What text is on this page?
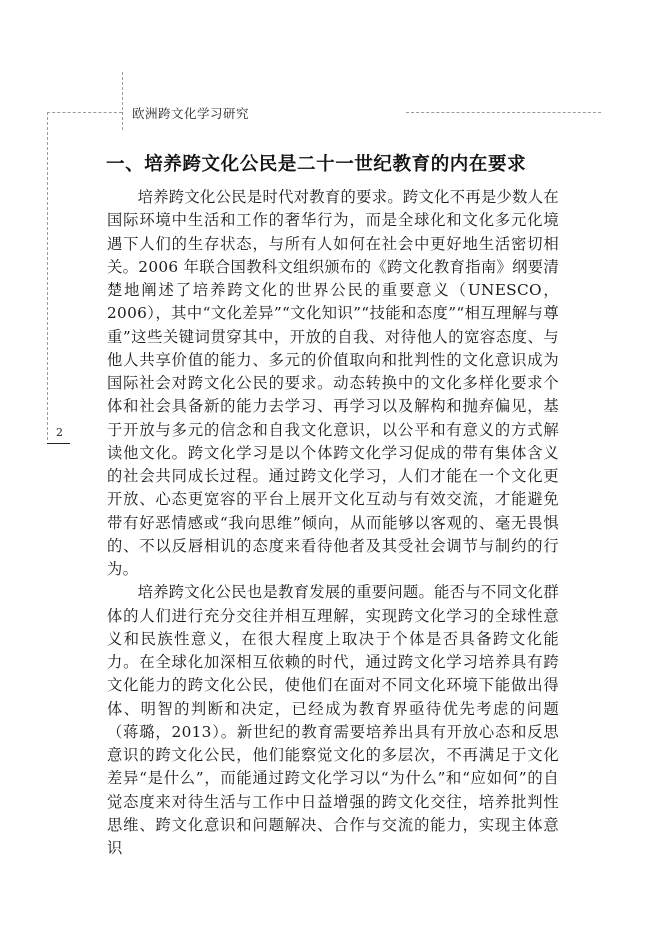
欧洲跨文化学习研究
2
一、培养跨文化公民是二十一世纪教育的内在要求

培养跨文化公民是时代对教育的要求。跨文化不再是少数人在国际环境中生活和工作的奢华行为，而是全球化和文化多元化境遇下人们的生存状态，与所有人如何在社会中更好地生活密切相关。2006 年联合国教科文组织颁布的《跨文化教育指南》纲要清楚地阐述了培养跨文化的世界公民的重要意义（UNESCO，2006），其中“文化差异”“文化知识”“技能和态度”“相互理解与尊重”这些关键词贯穿其中，开放的自我、对待他人的宽容态度、与他人共享价值的能力、多元的价值取向和批判性的文化意识成为国际社会对跨文化公民的要求。动态转换中的文化多样化要求个体和社会具备新的能力去学习、再学习以及解构和抛弃偏见，基于开放与多元的信念和自我文化意识，以公平和有意义的方式解读他文化。跨文化学习是以个体跨文化学习促成的带有集体含义的社会共同成长过程。通过跨文化学习，人们才能在一个文化更开放、心态更宽容的平台上展开文化互动与有效交流，才能避免带有好恶情感或“我向思维”倾向，从而能够以客观的、毫无畏惧的、不以反唇相讥的态度来看待他者及其受社会调节与制约的行为。

培养跨文化公民也是教育发展的重要问题。能否与不同文化群体的人们进行充分交往并相互理解，实现跨文化学习的全球性意义和民族性意义，在很大程度上取决于个体是否具备跨文化能力。在全球化加深相互依赖的时代，通过跨文化学习培养具有跨文化能力的跨文化公民，使他们在面对不同文化环境下能做出得体、明智的判断和决定，已经成为教育界亟待优先考虑的问题（蒋璐，2013）。新世纪的教育需要培养出具有开放心态和反思意识的跨文化公民，他们能察觉文化的多层次，不再满足于文化差异“是什么”，而能通过跨文化学习以“为什么”和“应如何”的自觉态度来对待生活与工作中日益增强的跨文化交往，培养批判性思维、跨文化意识和问题解决、合作与交流的能力，实现主体意识
